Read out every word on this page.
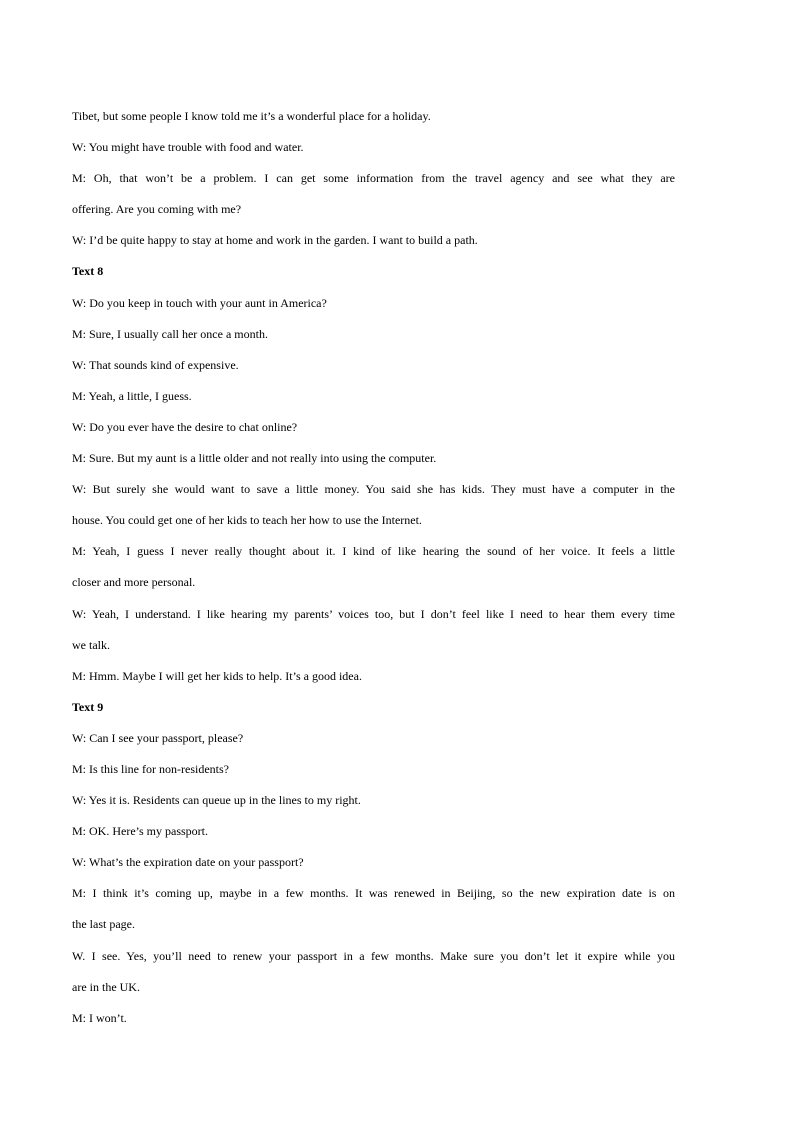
Tibet, but some people I know told me it’s a wonderful place for a holiday.
W: You might have trouble with food and water.
M: Oh, that won’t be a problem. I can get some information from the travel agency and see what they are
offering. Are you coming with me?
W: I’d be quite happy to stay at home and work in the garden. I want to build a path.
Text 8
W: Do you keep in touch with your aunt in America?
M: Sure, I usually call her once a month.
W: That sounds kind of expensive.
M: Yeah, a little, I guess.
W: Do you ever have the desire to chat online?
M: Sure. But my aunt is a little older and not really into using the computer.
W: But surely she would want to save a little money. You said she has kids. They must have a computer in the
house. You could get one of her kids to teach her how to use the Internet.
M: Yeah, I guess I never really thought about it. I kind of like hearing the sound of her voice. It feels a little
closer and more personal.
W: Yeah, I understand. I like hearing my parents’ voices too, but I don’t feel like I need to hear them every time
we talk.
M: Hmm. Maybe I will get her kids to help. It’s a good idea.
Text 9
W: Can I see your passport, please?
M: Is this line for non-residents?
W: Yes it is. Residents can queue up in the lines to my right.
M: OK. Here’s my passport.
W: What’s the expiration date on your passport?
M: I think it’s coming up, maybe in a few months. It was renewed in Beijing, so the new expiration date is on
the last page.
W. I see. Yes, you’ll need to renew your passport in a few months. Make sure you don’t let it expire while you
are in the UK.
M: I won’t.
